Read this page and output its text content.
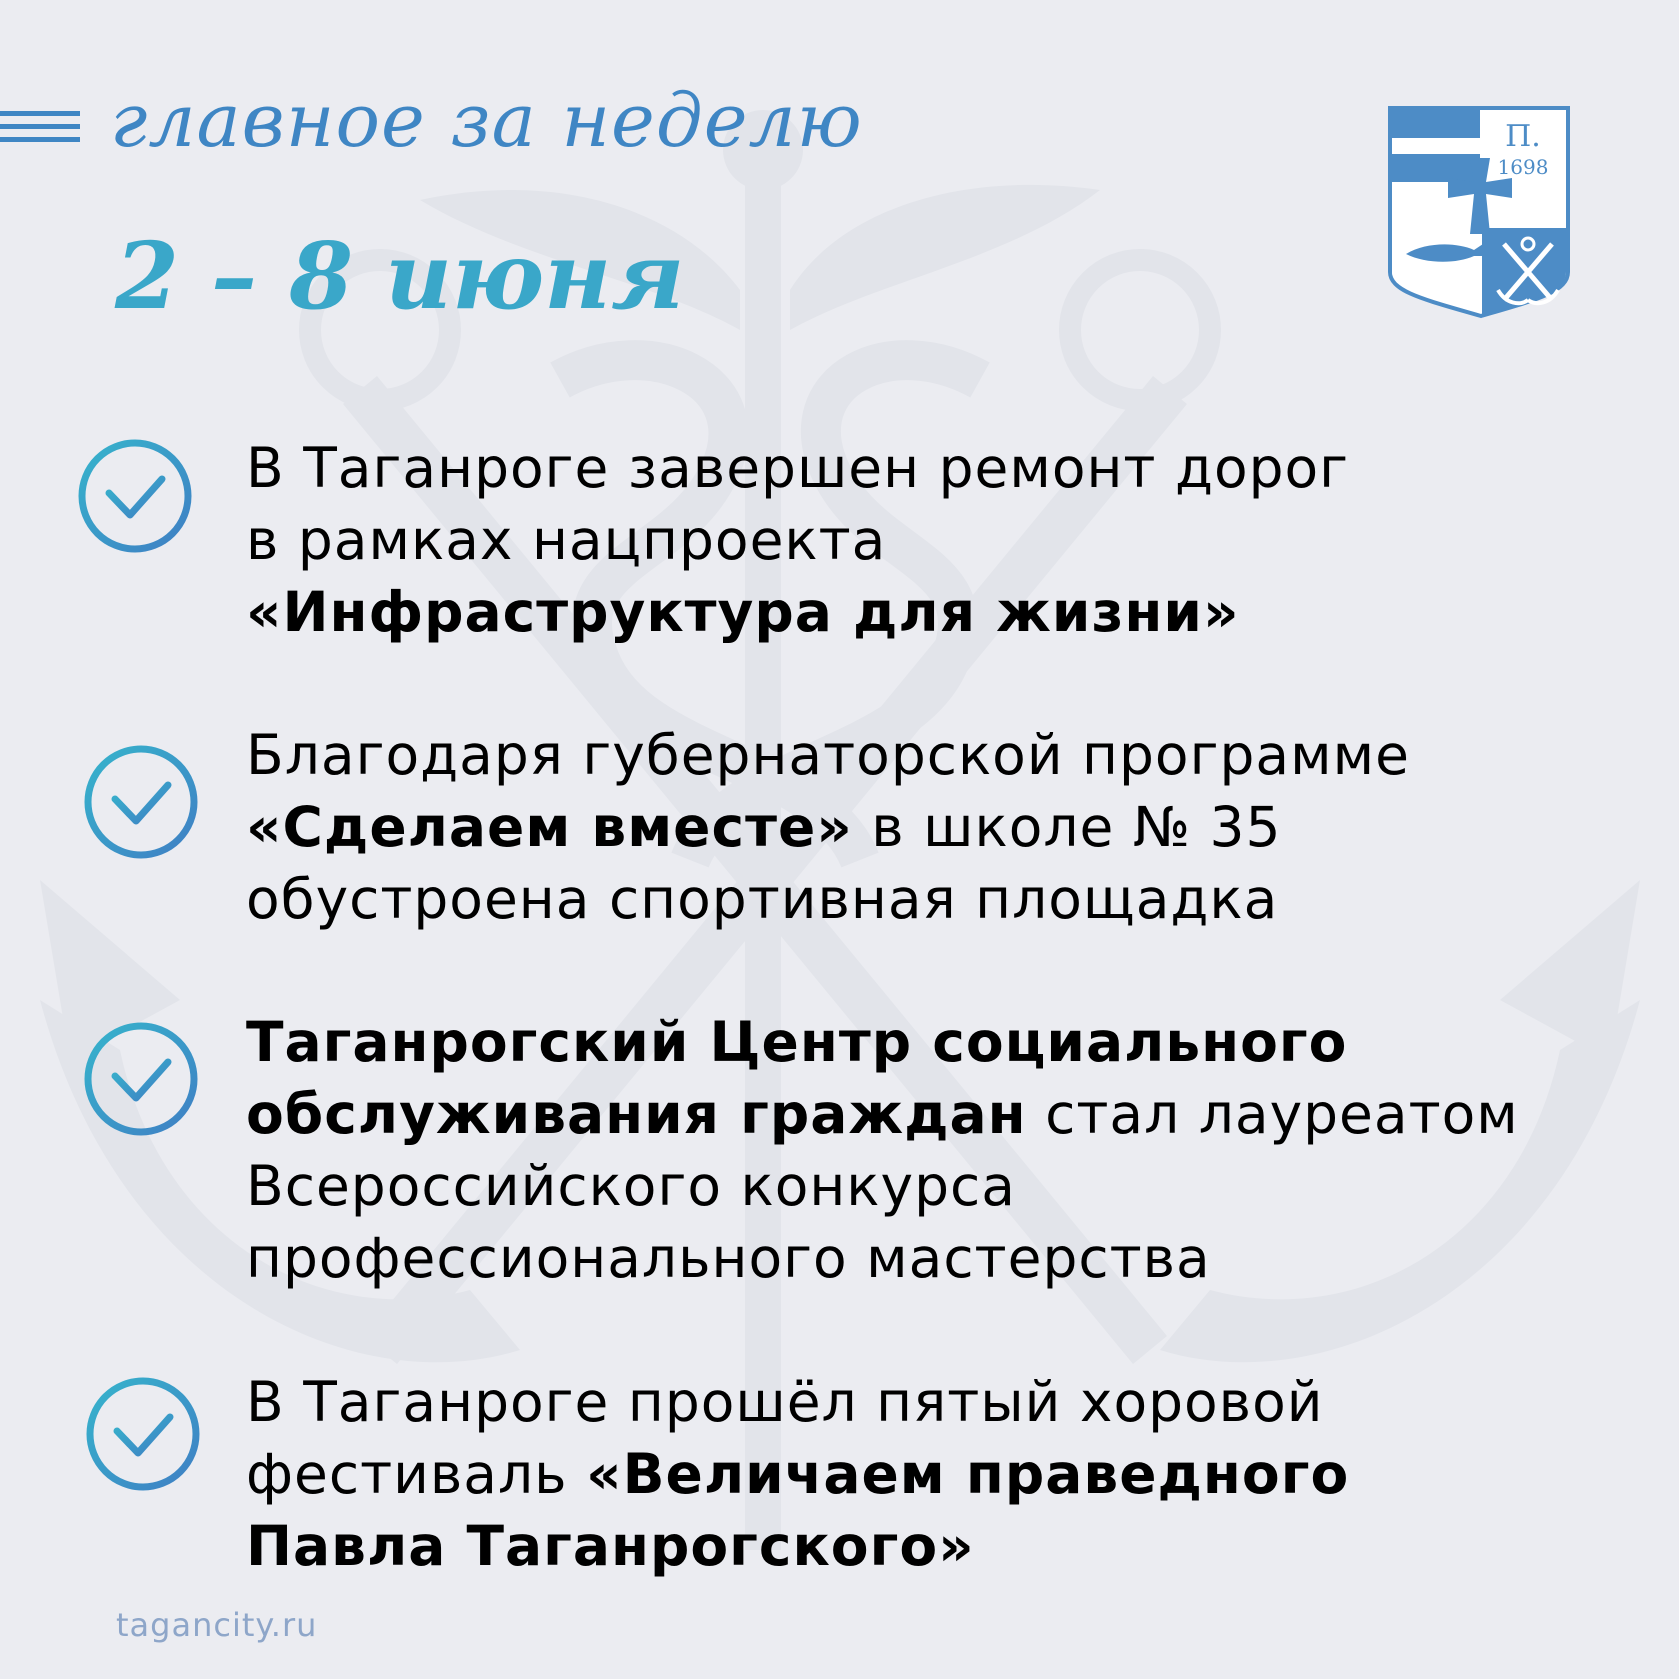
главное за неделю
2 – 8 июня
П.
1698
В Таганроге завершен ремонт дорог
в рамках нацпроекта
«Инфраструктура для жизни»
Благодаря губернаторской программе
«Сделаем вместе» в школе № 35
обустроена спортивная площадка
Таганрогский Центр социального
обслуживания граждан стал лауреатом
Всероссийского конкурса
профессионального мастерства
В Таганроге прошёл пятый хоровой
фестиваль «Величаем праведного
Павла Таганрогского»
tagancity.ru
